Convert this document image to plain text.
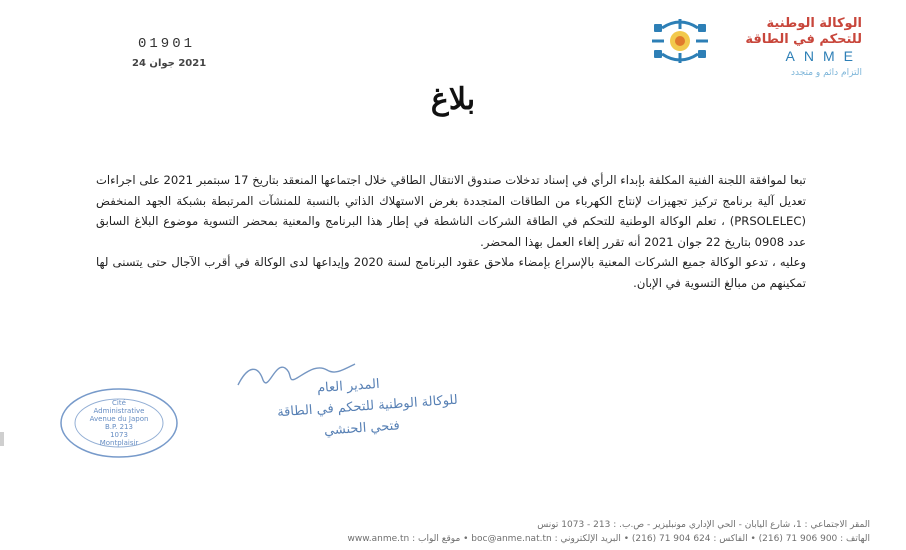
الوكالة الوطنية
للتحكم في الطاقة
ANME
التزام دائم و متجدد
01901
2021 جوان 24
بلاغ

تبعا لموافقة اللجنة الفنية المكلفة بإبداء الرأي في إسناد تدخلات صندوق الانتقال الطاقي خلال اجتماعها المنعقد بتاريخ 17 سبتمبر 2021 على اجراءات تعديل آلية برنامج تركيز تجهيزات لإنتاج الكهرباء من الطاقات المتجددة بغرض الاستهلاك الذاتي بالنسبة للمنشآت المرتبطة بشبكة الجهد المنخفض (PRSOLELEC) ، تعلم الوكالة الوطنية للتحكم في الطاقة الشركات الناشطة في إطار هذا البرنامج والمعنية بمحضر التسوية موضوع البلاغ السابق عدد 0908 بتاريخ 22 جوان 2021 أنه تقرر إلغاء العمل بهذا المحضر.

وعليه ، تدعو الوكالة جميع الشركات المعنية بالإسراع بإمضاء ملاحق عقود البرنامج لسنة 2020 وإيداعها لدى الوكالة في أقرب الآجال حتى يتسنى لها تمكينهم من مبالغ التسوية في الإبان.

المدير العام
للوكالة الوطنية للتحكم في الطاقة
فتحي الحنشي
Cité
Administrative
Avenue du Japon
B.P. 213
1073
Montplaisir
المقر الاجتماعي : 1، شارع اليابان - الحي الإداري مونبليزير - ص.ب. : 213 - 1073 تونس
الهاتف : 900 906 71 (216) • الفاكس : 624 904 71 (216) • البريد الإلكتروني : boc@anme.nat.tn • موقع الواب : www.anme.tn
